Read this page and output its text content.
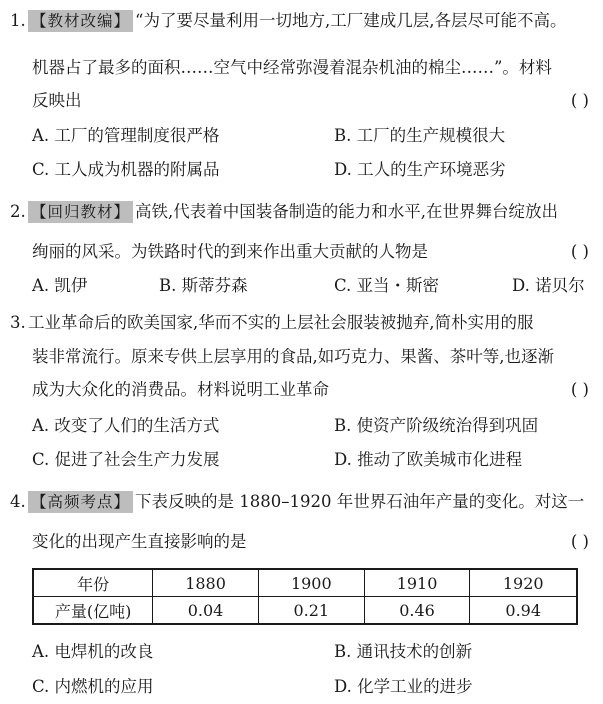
1. 【教材改编】 “为了要尽量利用一切地方,工厂建成几层,各层尽可能不高。
机器占了最多的面积……空气中经常弥漫着混杂机油的棉尘……”。材料
反映出	( )
A. 工厂的管理制度很严格	B. 工厂的生产规模很大
C. 工人成为机器的附属品	D. 工人的生产环境恶劣
2. 【回归教材】 高铁,代表着中国装备制造的能力和水平,在世界舞台绽放出
绚丽的风采。为铁路时代的到来作出重大贡献的人物是	( )
A. 凯伊	B. 斯蒂芬森	C. 亚当・斯密	D. 诺贝尔
3. 工业革命后的欧美国家,华而不实的上层社会服装被抛弃,简朴实用的服
装非常流行。原来专供上层享用的食品,如巧克力、果酱、茶叶等,也逐渐
成为大众化的消费品。材料说明工业革命	( )
A. 改变了人们的生活方式	B. 使资产阶级统治得到巩固
C. 促进了社会生产力发展	D. 推动了欧美城市化进程
4. 【高频考点】 下表反映的是 1880–1920 年世界石油年产量的变化。对这一
变化的出现产生直接影响的是	( )
年份	1880	1900	1910	1920
产量(亿吨)	0.04	0.21	0.46	0.94
A. 电焊机的改良	B. 通讯技术的创新
C. 内燃机的应用	D. 化学工业的进步
